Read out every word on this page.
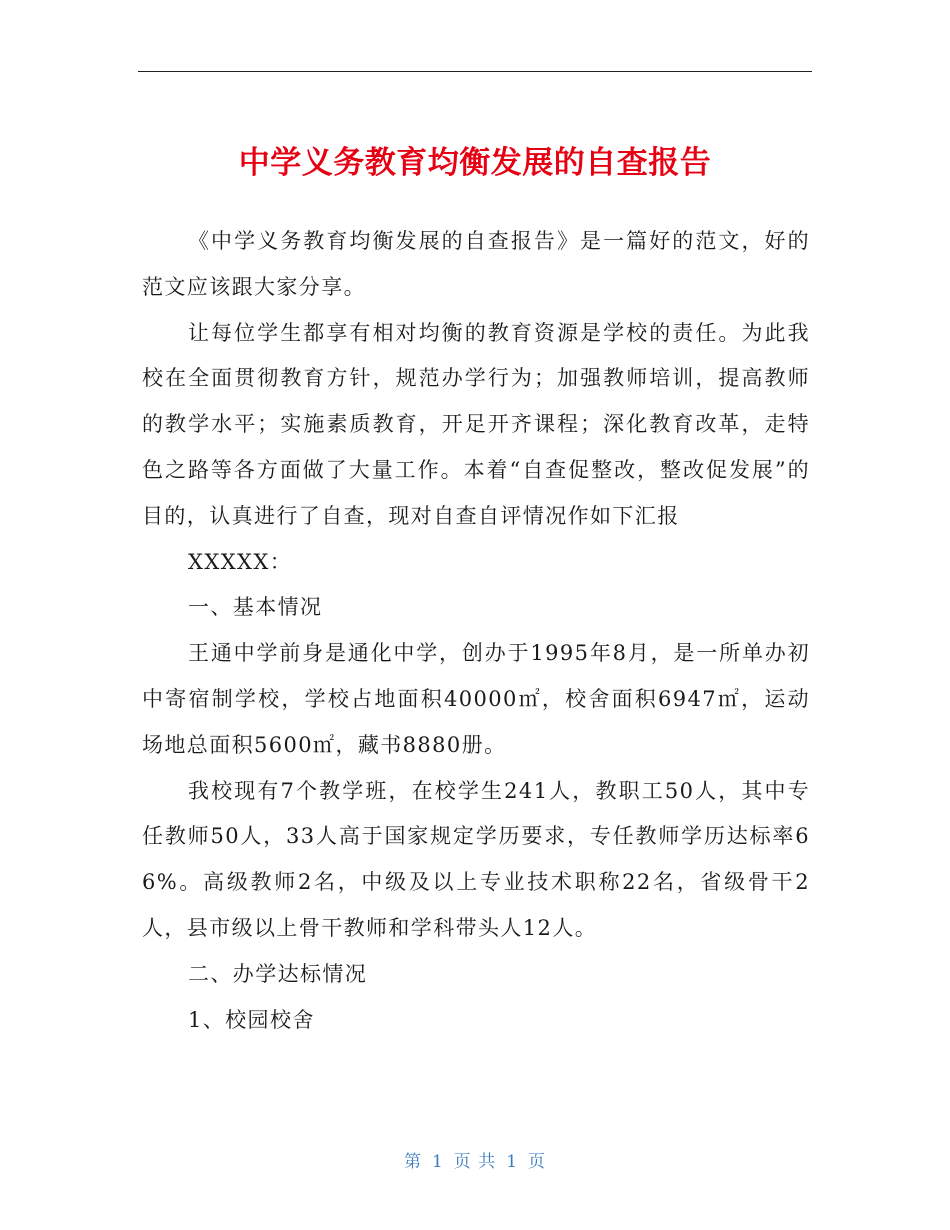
中学义务教育均衡发展的自查报告

《中学义务教育均衡发展的自查报告》是一篇好的范文，好的范文应该跟大家分享。

让每位学生都享有相对均衡的教育资源是学校的责任。为此我校在全面贯彻教育方针，规范办学行为；加强教师培训，提高教师的教学水平；实施素质教育，开足开齐课程；深化教育改革，走特色之路等各方面做了大量工作。本着“自查促整改，整改促发展”的目的，认真进行了自查，现对自查自评情况作如下汇报

XXXXX：

一、基本情况

王通中学前身是通化中学，创办于1995年8月，是一所单办初中寄宿制学校，学校占地面积40000㎡，校舍面积6947㎡，运动场地总面积5600㎡，藏书8880册。

我校现有7个教学班，在校学生241人，教职工50人，其中专任教师50人，33人高于国家规定学历要求，专任教师学历达标率66%。高级教师2名，中级及以上专业技术职称22名，省级骨干2人，县市级以上骨干教师和学科带头人12人。

二、办学达标情况

1、校园校舍

第 1 页 共 1 页
